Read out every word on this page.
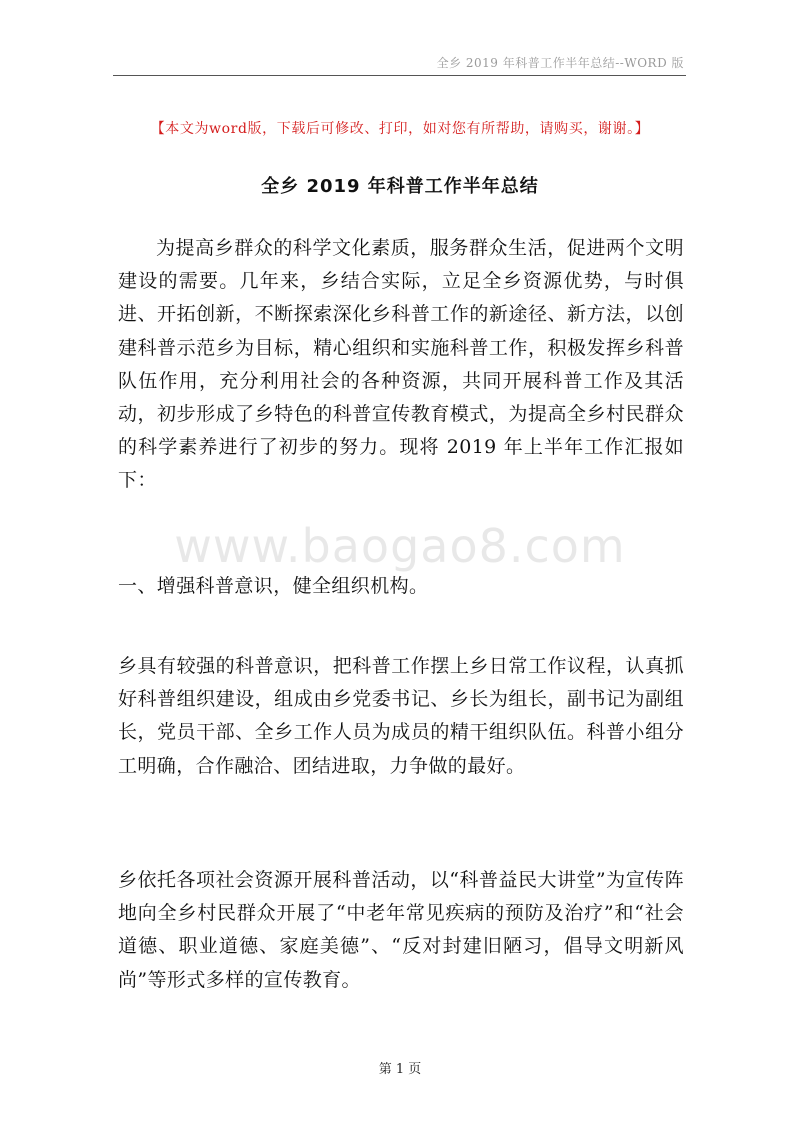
全乡 2019 年科普工作半年总结--WORD 版
【本文为word版，下载后可修改、打印，如对您有所帮助，请购买，谢谢。】
全乡 2019 年科普工作半年总结

为提高乡群众的科学文化素质，服务群众生活，促进两个文明建设的需要。几年来，乡结合实际，立足全乡资源优势，与时俱进、开拓创新，不断探索深化乡科普工作的新途径、新方法，以创建科普示范乡为目标，精心组织和实施科普工作，积极发挥乡科普队伍作用，充分利用社会的各种资源，共同开展科普工作及其活动，初步形成了乡特色的科普宣传教育模式，为提高全乡村民群众的科学素养进行了初步的努力。现将 2019 年上半年工作汇报如下：

www.baogao8.com

一、增强科普意识，健全组织机构。

乡具有较强的科普意识，把科普工作摆上乡日常工作议程，认真抓好科普组织建设，组成由乡党委书记、乡长为组长，副书记为副组长，党员干部、全乡工作人员为成员的精干组织队伍。科普小组分工明确，合作融洽、团结进取，力争做的最好。

乡依托各项社会资源开展科普活动，以“科普益民大讲堂”为宣传阵地向全乡村民群众开展了“中老年常见疾病的预防及治疗”和“社会道德、职业道德、家庭美德”、“反对封建旧陋习，倡导文明新风尚”等形式多样的宣传教育。

第 1 页
